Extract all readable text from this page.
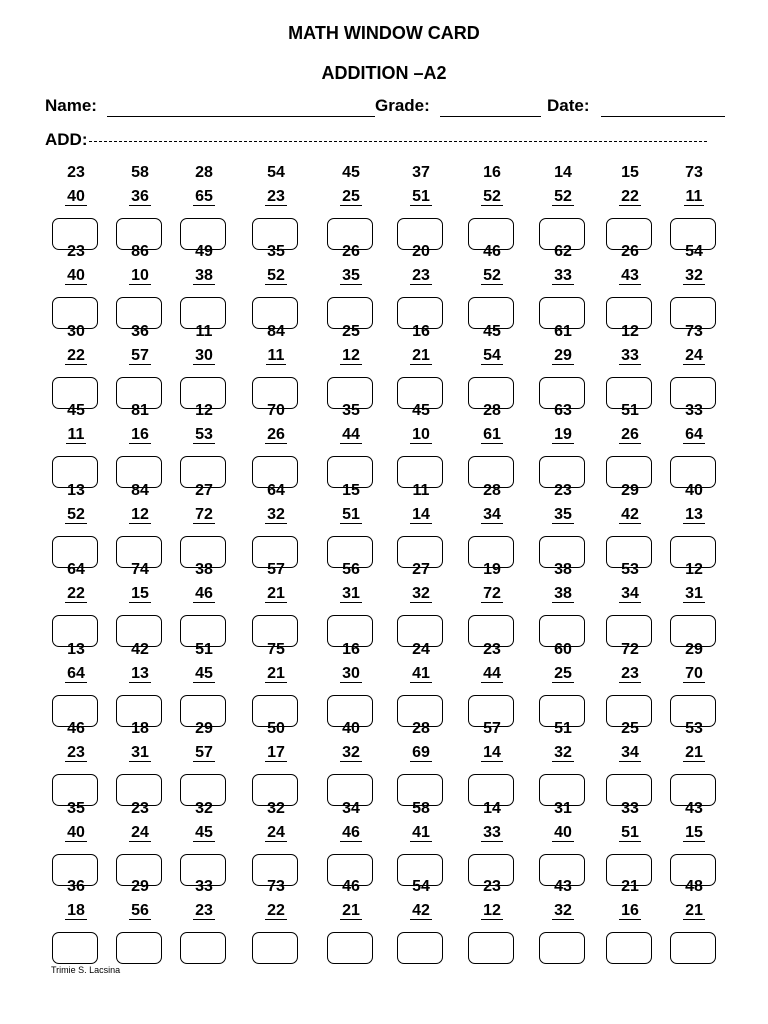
MATH WINDOW CARD
ADDITION –A2
Name:	Grade:	Date:
ADD:
23
40
58
36
28
65
54
23
45
25
37
51
16
52
14
52
15
22
73
11
23
40
86
10
49
38
35
52
26
35
20
23
46
52
62
33
26
43
54
32
30
22
36
57
11
30
84
11
25
12
16
21
45
54
61
29
12
33
73
24
45
11
81
16
12
53
70
26
35
44
45
10
28
61
63
19
51
26
33
64
13
52
84
12
27
72
64
32
15
51
11
14
28
34
23
35
29
42
40
13
64
22
74
15
38
46
57
21
56
31
27
32
19
72
38
38
53
34
12
31
13
64
42
13
51
45
75
21
16
30
24
41
23
44
60
25
72
23
29
70
46
23
18
31
29
57
50
17
40
32
28
69
57
14
51
32
25
34
53
21
35
40
23
24
32
45
32
24
34
46
58
41
14
33
31
40
33
51
43
15
36
18
29
56
33
23
73
22
46
21
54
42
23
12
43
32
21
16
48
21
Trimie S. Lacsina
